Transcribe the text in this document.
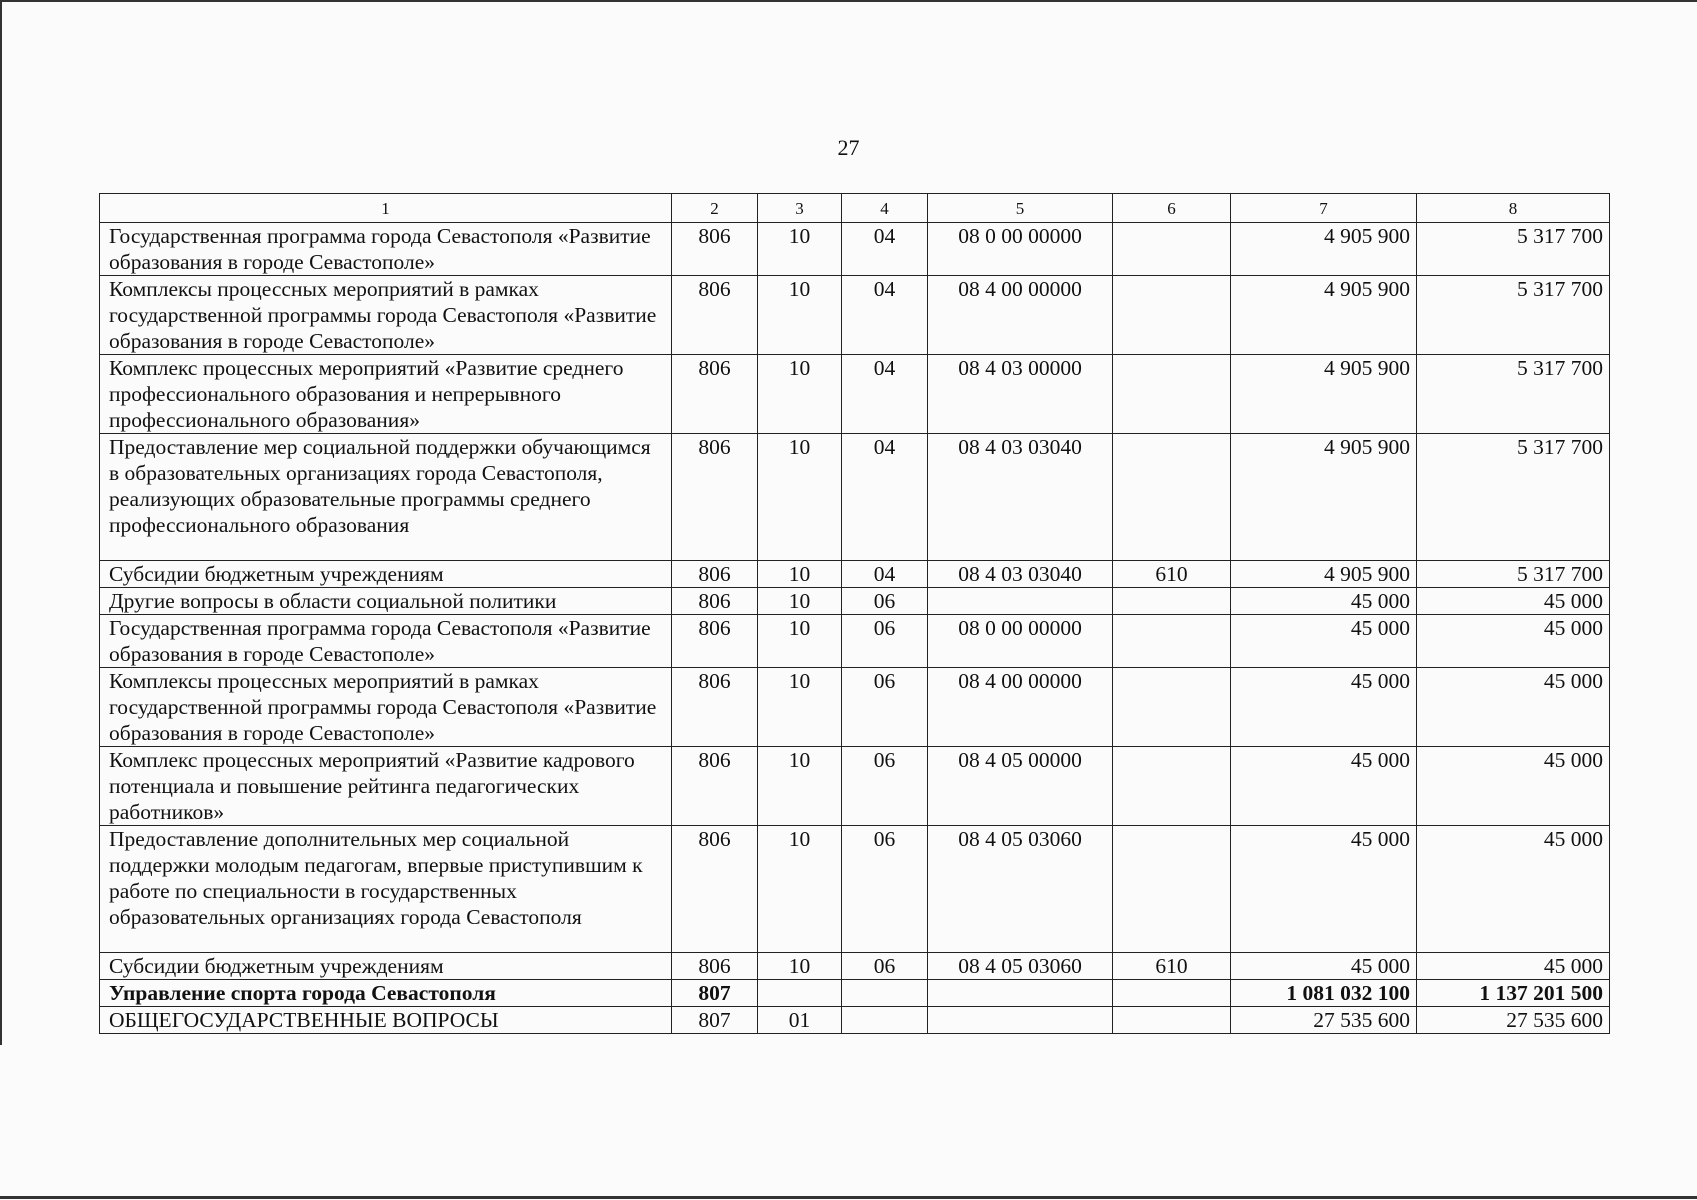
27
1	2	3	4	5	6	7	8
Государственная программа города Севастополя «Развитие образования в городе Севастополе»	806	10	04	08 0 00 00000		4 905 900	5 317 700
Комплексы процессных мероприятий в рамках государственной программы города Севастополя «Развитие образования в городе Севастополе»	806	10	04	08 4 00 00000		4 905 900	5 317 700
Комплекс процессных мероприятий «Развитие среднего профессионального образования и непрерывного профессионального образования»	806	10	04	08 4 03 00000		4 905 900	5 317 700
Предоставление мер социальной поддержки обучающимся в образовательных организациях города Севастополя, реализующих образовательные программы среднего профессионального образования	806	10	04	08 4 03 03040		4 905 900	5 317 700
Субсидии бюджетным учреждениям	806	10	04	08 4 03 03040	610	4 905 900	5 317 700
Другие вопросы в области социальной политики	806	10	06			45 000	45 000
Государственная программа города Севастополя «Развитие образования в городе Севастополе»	806	10	06	08 0 00 00000		45 000	45 000
Комплексы процессных мероприятий в рамках государственной программы города Севастополя «Развитие образования в городе Севастополе»	806	10	06	08 4 00 00000		45 000	45 000
Комплекс процессных мероприятий «Развитие кадрового потенциала и повышение рейтинга педагогических работников»	806	10	06	08 4 05 00000		45 000	45 000
Предоставление дополнительных мер социальной поддержки молодым педагогам, впервые приступившим к работе по специальности в государственных образовательных организациях города Севастополя	806	10	06	08 4 05 03060		45 000	45 000
Субсидии бюджетным учреждениям	806	10	06	08 4 05 03060	610	45 000	45 000
Управление спорта города Севастополя	807					1 081 032 100	1 137 201 500
ОБЩЕГОСУДАРСТВЕННЫЕ ВОПРОСЫ	807	01				27 535 600	27 535 600
